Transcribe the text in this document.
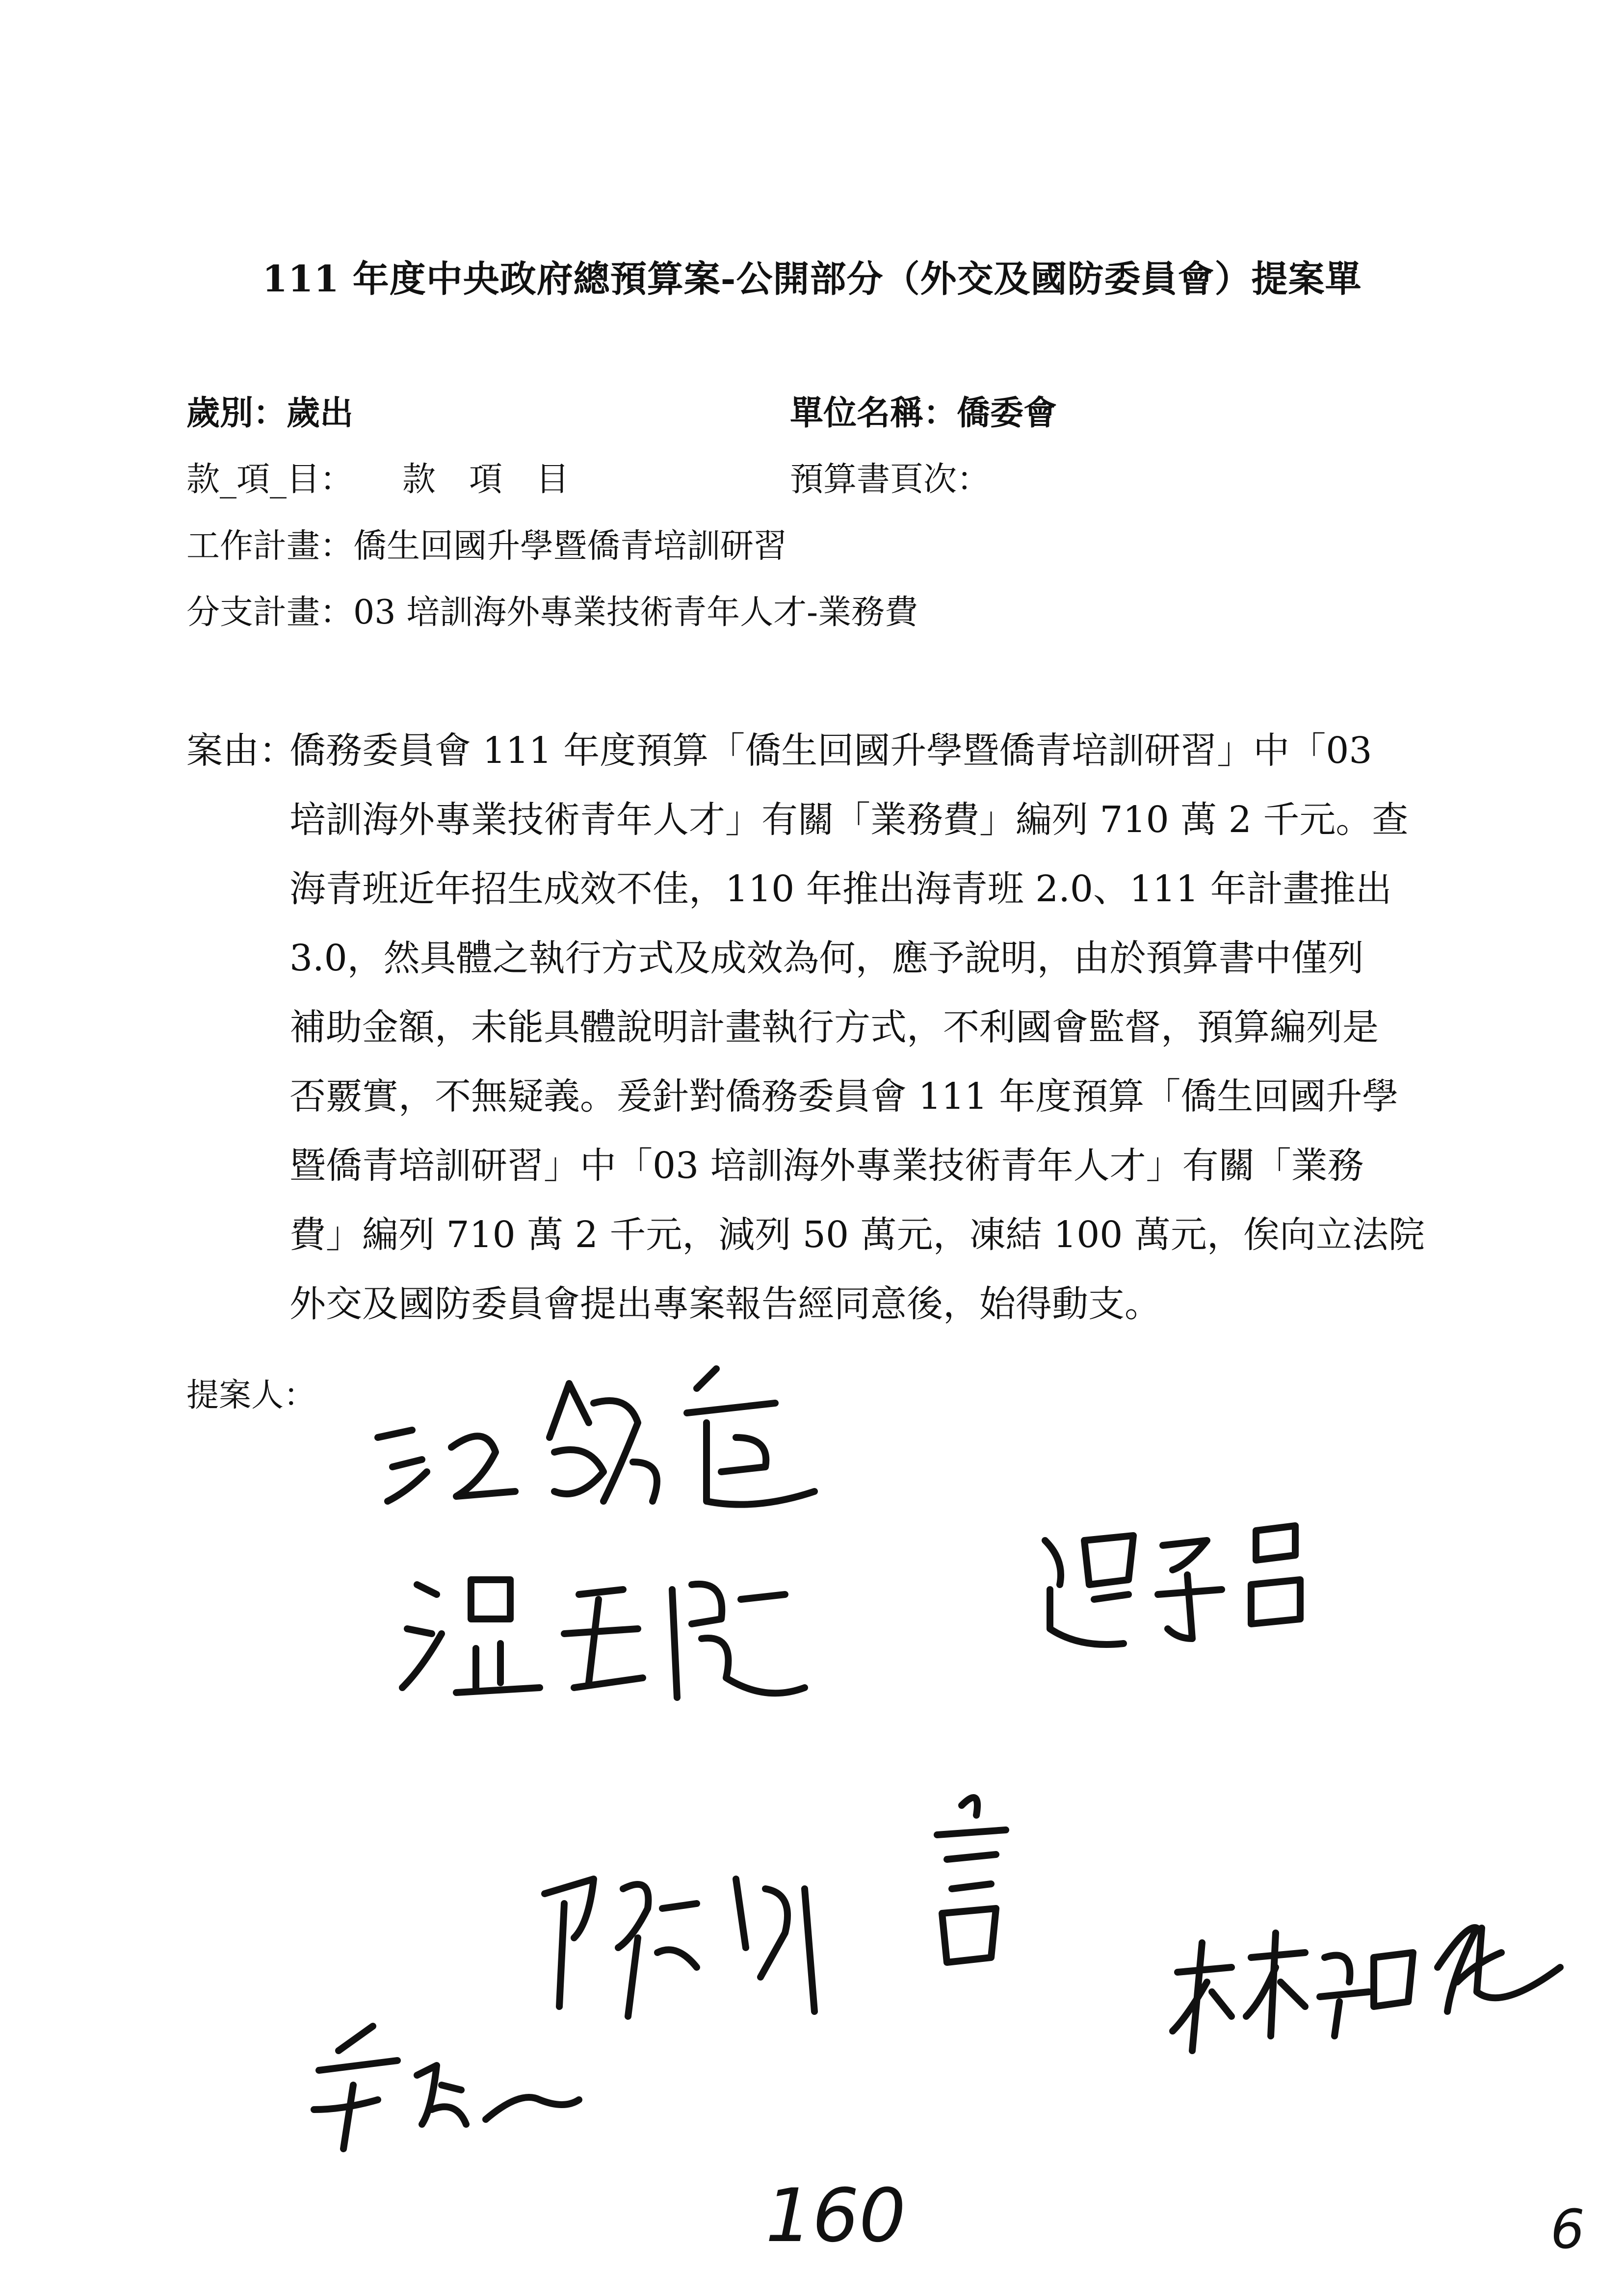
111 年度中央政府總預算案-公開部分（外交及國防委員會）提案單
歲別：歲出	單位名稱：僑委會
款_項_目： 款　項　目	預算書頁次：
工作計畫：僑生回國升學暨僑青培訓研習
分支計畫：03 培訓海外專業技術青年人才-業務費
案由：
僑務委員會 111 年度預算「僑生回國升學暨僑青培訓研習」中「03
培訓海外專業技術青年人才」有關「業務費」編列 710 萬 2 千元。查
海青班近年招生成效不佳，110 年推出海青班 2.0、111 年計畫推出
3.0，然具體之執行方式及成效為何，應予說明，由於預算書中僅列
補助金額，未能具體說明計畫執行方式，不利國會監督，預算編列是
否覈實，不無疑義。爰針對僑務委員會 111 年度預算「僑生回國升學
暨僑青培訓研習」中「03 培訓海外專業技術青年人才」有關「業務
費」編列 710 萬 2 千元，減列 50 萬元，凍結 100 萬元，俟向立法院
外交及國防委員會提出專案報告經同意後，始得動支。
提案人：
160	6
